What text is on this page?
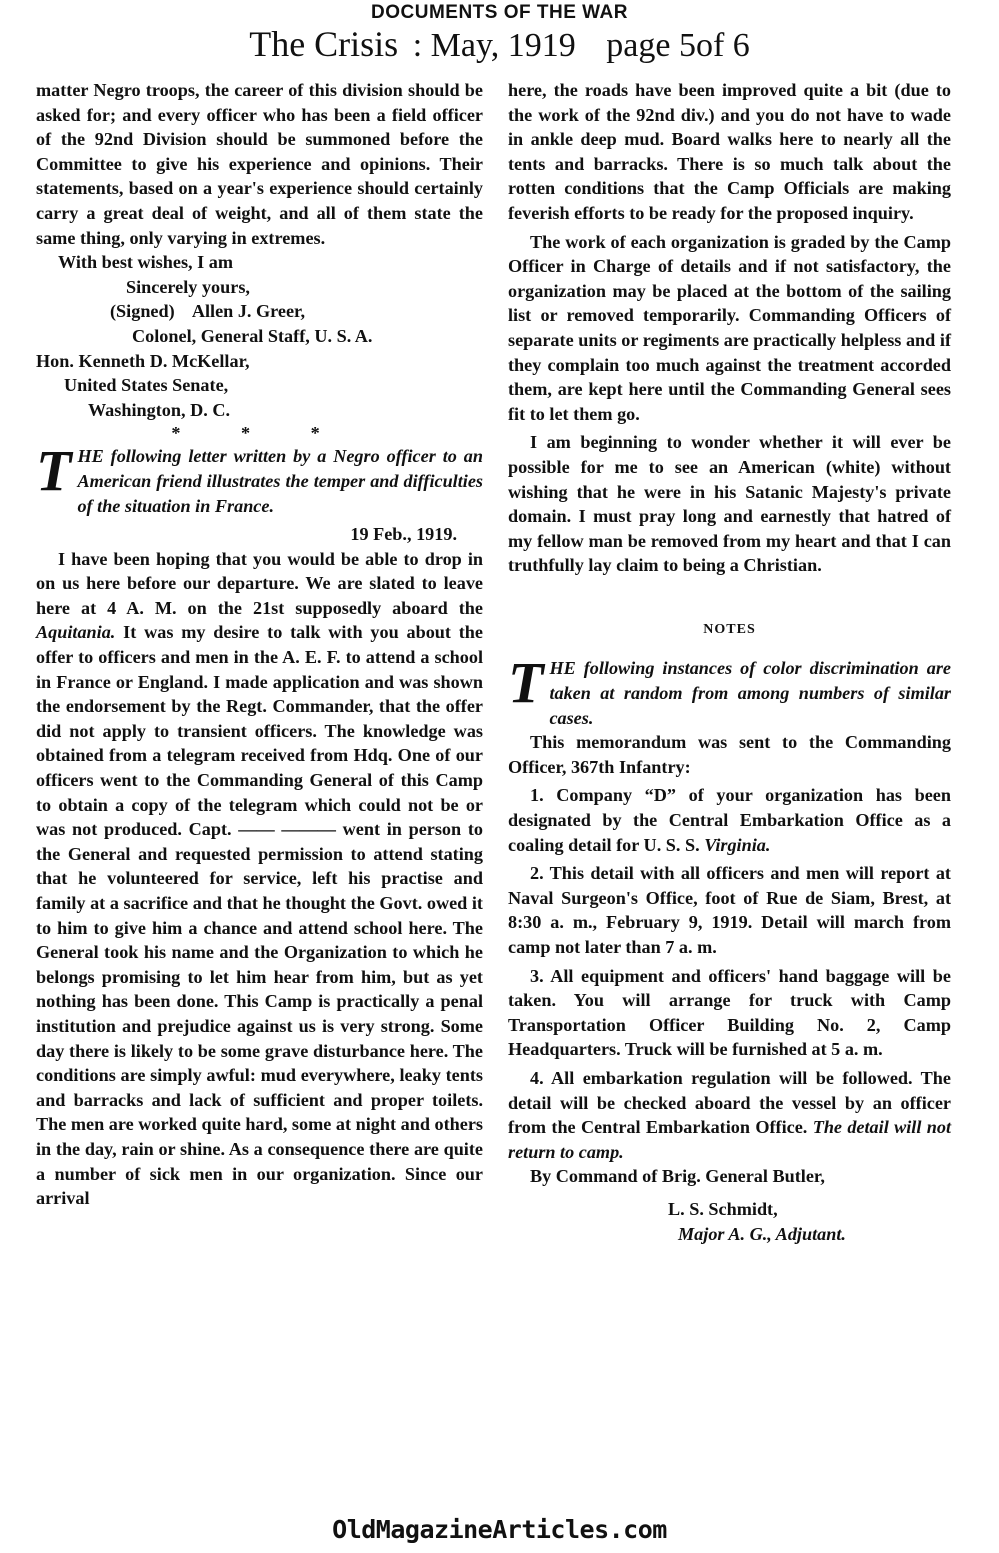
DOCUMENTS OF THE WAR
The Crisis : May, 1919 page 5of 6

matter Negro troops, the career of this division should be asked for; and every officer who has been a field officer of the 92nd Division should be summoned before the Committee to give his experience and opinions. Their statements, based on a year's experience should certainly carry a great deal of weight, and all of them state the same thing, only varying in extremes.

With best wishes, I am

Sincerely yours,

(Signed)    Allen J. Greer,

Colonel, General Staff, U. S. A.

Hon. Kenneth D. McKellar,

United States Senate,

Washington, D. C.

* * *

THE following letter written by a Negro officer to an American friend illustrates the temper and difficulties of the situation in France.

19 Feb., 1919.

I have been hoping that you would be able to drop in on us here before our departure. We are slated to leave here at 4 A. M. on the 21st supposedly aboard the Aquitania. It was my desire to talk with you about the offer to officers and men in the A. E. F. to attend a school in France or England. I made application and was shown the endorsement by the Regt. Commander, that the offer did not apply to transient officers. The knowledge was obtained from a telegram received from Hdq. One of our officers went to the Commanding General of this Camp to obtain a copy of the telegram which could not be or was not produced. Capt. —— ——— went in person to the General and requested permission to attend stating that he volunteered for service, left his practise and family at a sacrifice and that he thought the Govt. owed it to him to give him a chance and attend school here. The General took his name and the Organization to which he belongs promising to let him hear from him, but as yet nothing has been done. This Camp is practically a penal institution and prejudice against us is very strong. Some day there is likely to be some grave disturbance here. The conditions are simply awful: mud everywhere, leaky tents and barracks and lack of sufficient and proper toilets. The men are worked quite hard, some at night and others in the day, rain or shine. As a consequence there are quite a number of sick men in our organization. Since our arrival

here, the roads have been improved quite a bit (due to the work of the 92nd div.) and you do not have to wade in ankle deep mud. Board walks here to nearly all the tents and barracks. There is so much talk about the rotten conditions that the Camp Officials are making feverish efforts to be ready for the proposed inquiry.

The work of each organization is graded by the Camp Officer in Charge of details and if not satisfactory, the organization may be placed at the bottom of the sailing list or removed temporarily. Commanding Officers of separate units or regiments are practically helpless and if they complain too much against the treatment accorded them, are kept here until the Commanding General sees fit to let them go.

I am beginning to wonder whether it will ever be possible for me to see an American (white) without wishing that he were in his Satanic Majesty's private domain. I must pray long and earnestly that hatred of my fellow man be removed from my heart and that I can truthfully lay claim to being a Christian.

NOTES

THE following instances of color discrimination are taken at random from among numbers of similar cases.

This memorandum was sent to the Commanding Officer, 367th Infantry:

1. Company “D” of your organization has been designated by the Central Embarkation Office as a coaling detail for U. S. S. Virginia.

2. This detail with all officers and men will report at Naval Surgeon's Office, foot of Rue de Siam, Brest, at 8:30 a. m., February 9, 1919. Detail will march from camp not later than 7 a. m.

3. All equipment and officers' hand baggage will be taken. You will arrange for truck with Camp Transportation Officer Building No. 2, Camp Headquarters. Truck will be furnished at 5 a. m.

4. All embarkation regulation will be followed. The detail will be checked aboard the vessel by an officer from the Central Embarkation Office. The detail will not return to camp.

By Command of Brig. General Butler,

L. S. Schmidt,

Major A. G., Adjutant.

OldMagazineArticles.com
